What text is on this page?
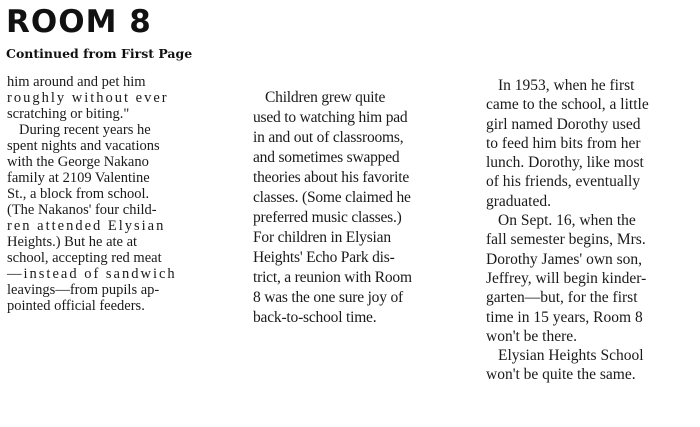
ROOM 8
Continued from First Page
him around and pet him
roughly without ever
scratching or biting."
During recent years he
spent nights and vacations
with the George Nakano
family at 2109 Valentine
St., a block from school.
(The Nakanos' four child-
ren attended Elysian
Heights.) But he ate at
school, accepting red meat
—instead of sandwich
leavings—from pupils ap-
pointed official feeders.
Children grew quite
used to watching him pad
in and out of classrooms,
and sometimes swapped
theories about his favorite
classes. (Some claimed he
preferred music classes.)
For children in Elysian
Heights' Echo Park dis-
trict, a reunion with Room
8 was the one sure joy of
back-to-school time.
In 1953, when he first
came to the school, a little
girl named Dorothy used
to feed him bits from her
lunch. Dorothy, like most
of his friends, eventually
graduated.
On Sept. 16, when the
fall semester begins, Mrs.
Dorothy James' own son,
Jeffrey, will begin kinder-
garten—but, for the first
time in 15 years, Room 8
won't be there.
Elysian Heights School
won't be quite the same.
